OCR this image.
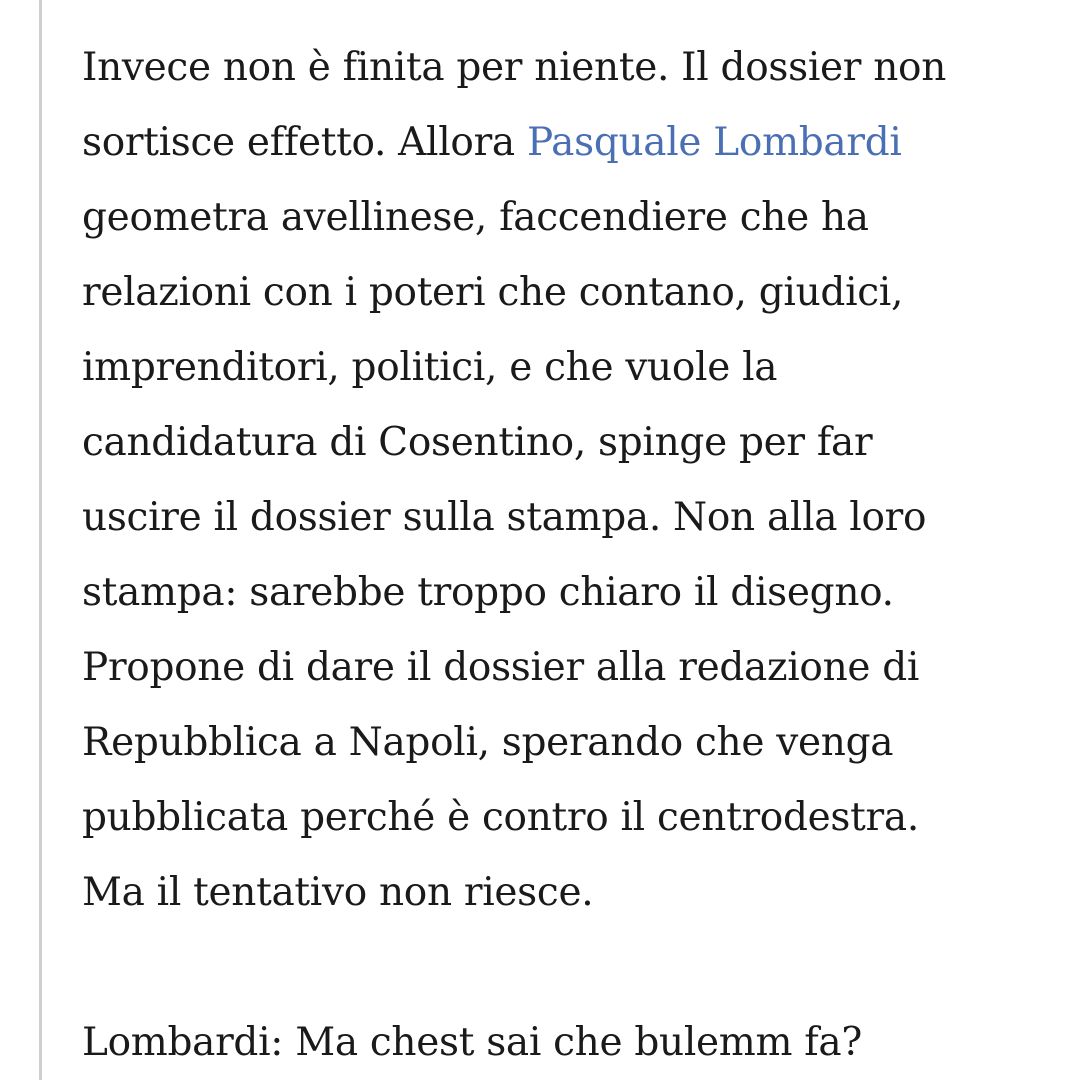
Invece non è finita per niente. Il dossier non
sortisce effetto. Allora Pasquale Lombardi
geometra avellinese, faccendiere che ha
relazioni con i poteri che contano, giudici,
imprenditori, politici, e che vuole la
candidatura di Cosentino, spinge per far
uscire il dossier sulla stampa. Non alla loro
stampa: sarebbe troppo chiaro il disegno.
Propone di dare il dossier alla redazione di
Repubblica a Napoli, sperando che venga
pubblicata perché è contro il centrodestra.
Ma il tentativo non riesce.

Lombardi: Ma chest sai che bulemm fa?
